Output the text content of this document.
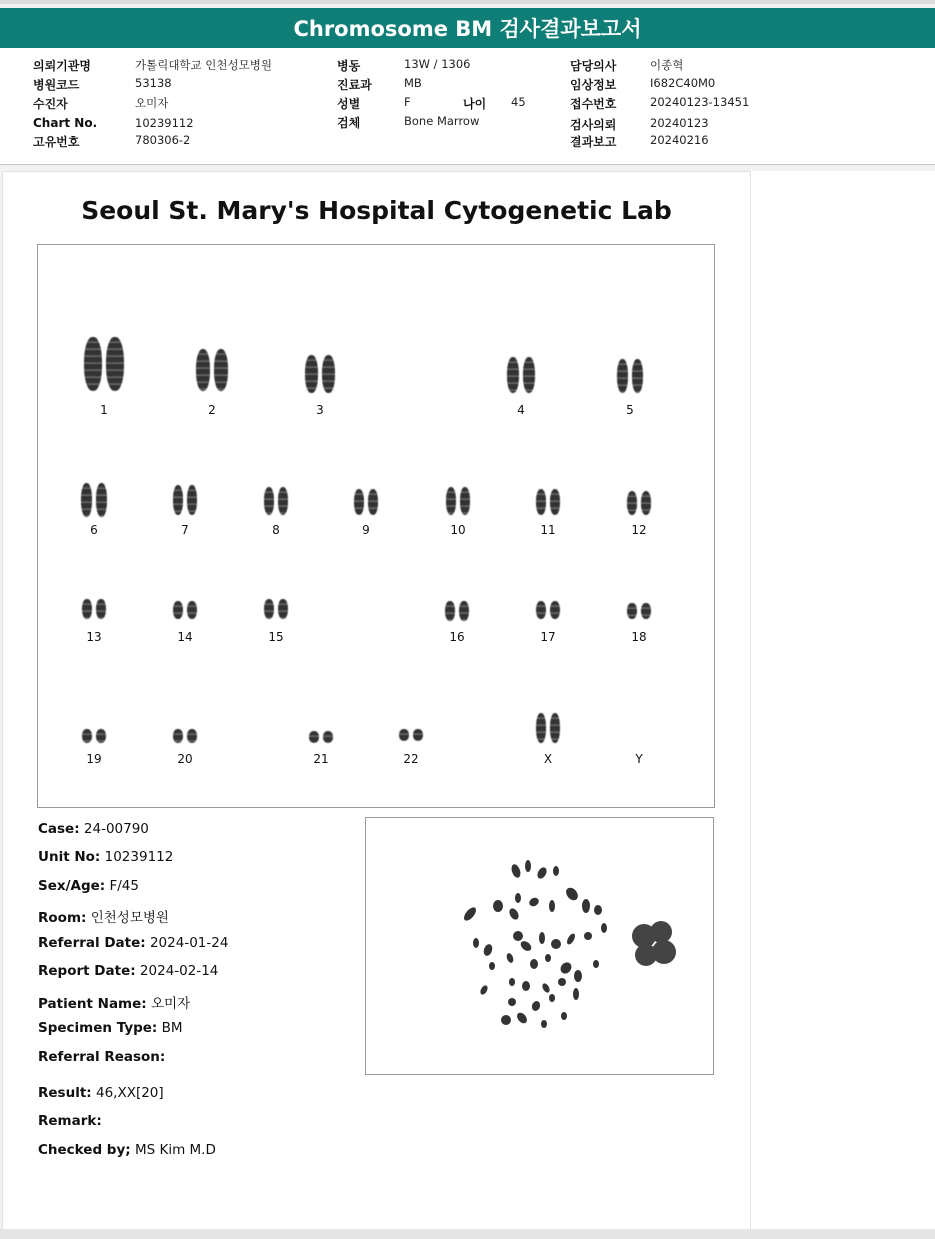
Chromosome BM 검사결과보고서
의뢰기관명	가톨릭대학교 인천성모병원
병원코드	53138
수진자	오미자
Chart No.	10239112
고유번호	780306-2
병동	13W / 1306
진료과	MB
성별	F	나이 45
검체	Bone Marrow
담당의사	이종혁
임상정보	I682C40M0
접수번호	20240123-13451
검사의뢰	20240123
결과보고	20240216
Seoul St. Mary's Hospital Cytogenetic Lab
1	2	3	4	5
6	7	8	9	10	11	12
13	14	15	16	17	18
19	20	21	22	X	Y
Case: 24-00790
Unit No: 10239112
Sex/Age: F/45
Room: 인천성모병원
Referral Date: 2024-01-24
Report Date: 2024-02-14
Patient Name: 오미자
Specimen Type: BM
Referral Reason:
Result: 46,XX[20]
Remark:
Checked by; MS Kim M.D
